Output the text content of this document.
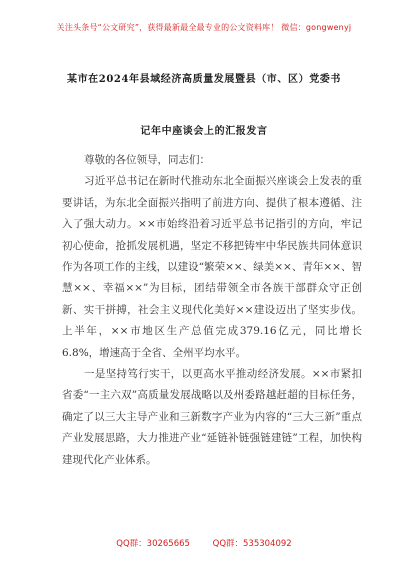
关注头条号“公文研究”，获得最新最全最专业的公文资料库！ 微信：gongwenyj
某市在2024年县域经济高质量发展暨县（市、区）党委书
记年中座谈会上的汇报发言

尊敬的各位领导，同志们：

习近平总书记在新时代推动东北全面振兴座谈会上发表的重要讲话，为东北全面振兴指明了前进方向、提供了根本遵循、注入了强大动力。××市始终沿着习近平总书记指引的方向，牢记初心使命，抢抓发展机遇，坚定不移把铸牢中华民族共同体意识作为各项工作的主线，以建设“繁荣××、绿美××、青年××、智慧××、幸福××”为目标，团结带领全市各族干部群众守正创新、实干拼搏，社会主义现代化美好××建设迈出了坚实步伐。上半年，××市地区生产总值完成379.16亿元，同比增长6.8%，增速高于全省、全州平均水平。

一是坚持笃行实干，以更高水平推动经济发展。××市紧扣省委“一主六双”高质量发展战略以及州委路越赶超的目标任务，确定了以三大主导产业和三新数字产业为内容的“三大三新”重点产业发展思路，大力推进产业“延链补链强链建链”工程，加快构建现代化产业体系。

QQ群：30265665	QQ群：535304092
